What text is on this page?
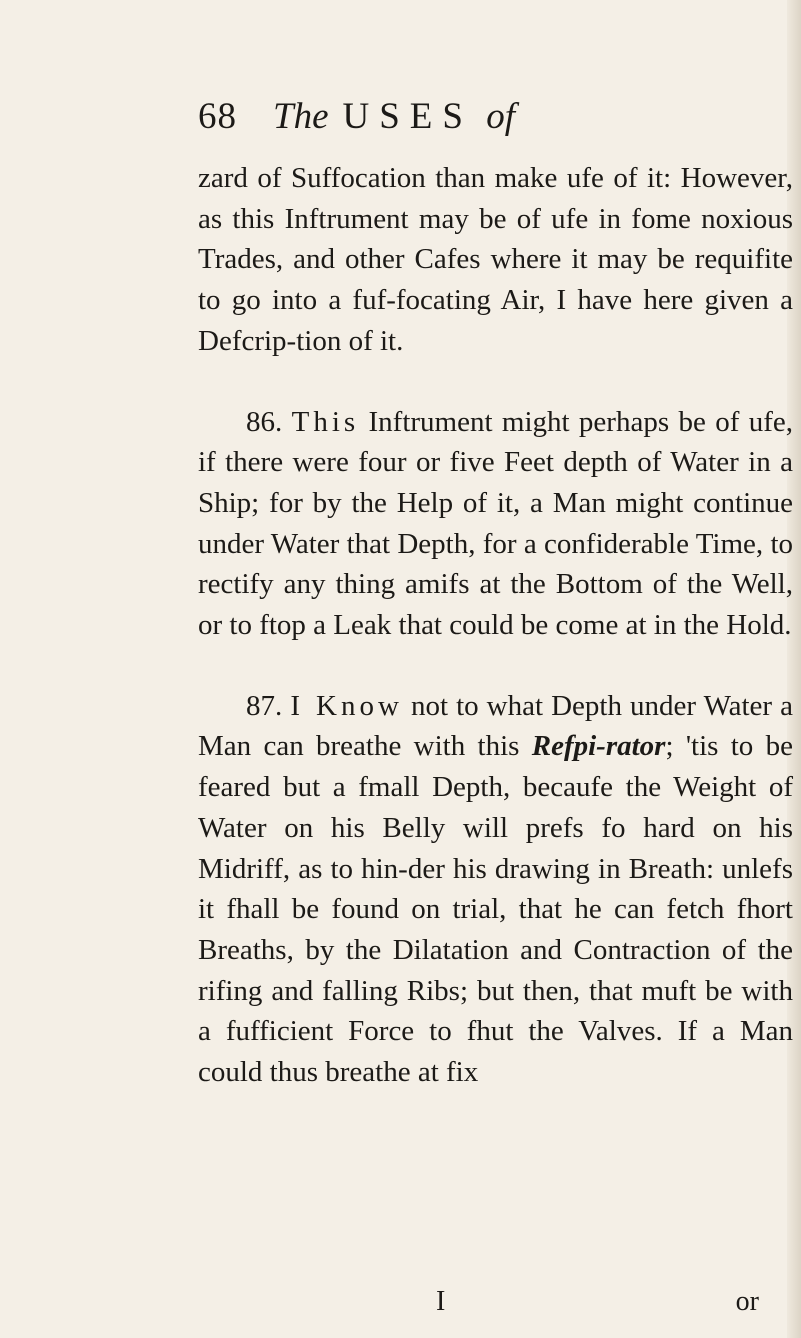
68 The USES of

zard of Suffocation than make ufe of it: However, as this Inftrument may be of ufe in fome noxious Trades, and other Cafes where it may be requifite to go into a fuf-focating Air, I have here given a Defcrip-tion of it.

86. This Inftrument might perhaps be of ufe, if there were four or five Feet depth of Water in a Ship; for by the Help of it, a Man might continue under Water that Depth, for a confiderable Time, to rectify any thing amifs at the Bottom of the Well, or to ftop a Leak that could be come at in the Hold.

87. I Know not to what Depth under Water a Man can breathe with this Refpi-rator; 'tis to be feared but a fmall Depth, becaufe the Weight of Water on his Belly will prefs fo hard on his Midriff, as to hin-der his drawing in Breath: unlefs it fhall be found on trial, that he can fetch fhort Breaths, by the Dilatation and Contraction of the rifing and falling Ribs; but then, that muft be with a fufficient Force to fhut the Valves. If a Man could thus breathe at fix

I	or
